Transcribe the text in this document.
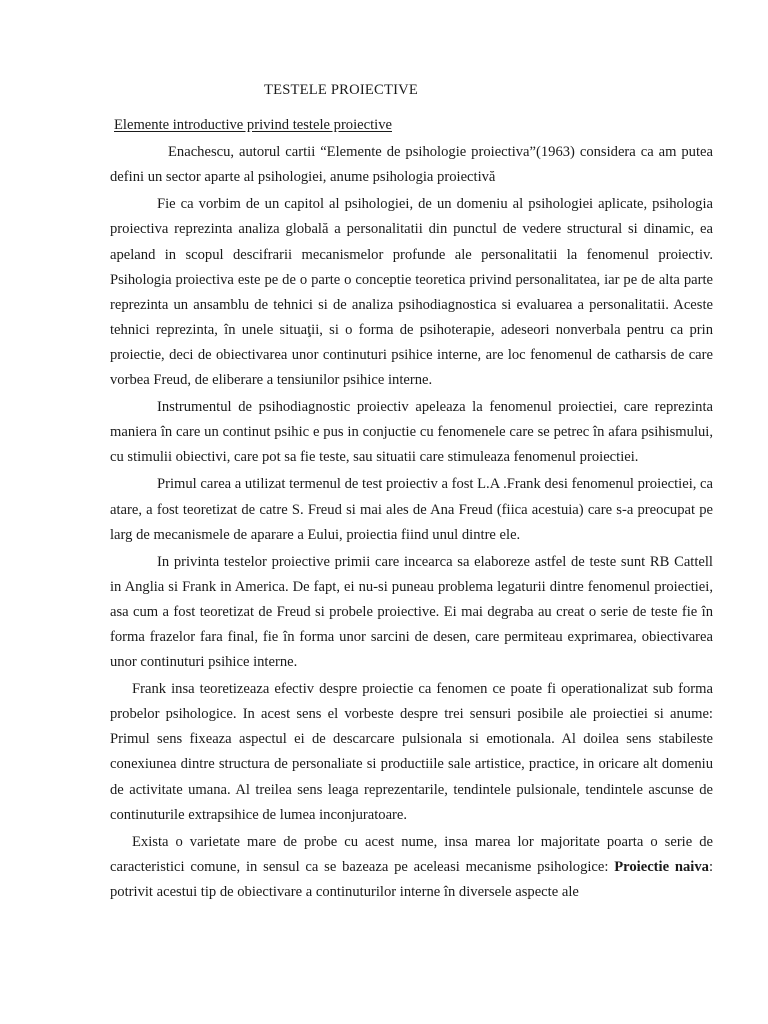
TESTELE PROIECTIVE
Elemente introductive privind testele proiective

Enachescu, autorul cartii “Elemente de psihologie proiectiva”(1963) considera ca am putea defini un sector aparte al psihologiei, anume psihologia proiectivă

Fie ca vorbim de un capitol al psihologiei, de un domeniu al psihologiei aplicate, psihologia proiectiva reprezinta analiza globală a personalitatii din punctul de vedere structural si dinamic, ea apeland in scopul descifrarii mecanismelor profunde ale personalitatii la fenomenul proiectiv. Psihologia proiectiva este pe de o parte o conceptie teoretica privind personalitatea, iar pe de alta parte reprezinta un ansamblu de tehnici si de analiza psihodiagnostica si evaluarea a personalitatii. Aceste tehnici reprezinta, în unele situaţii, si o forma de psihoterapie, adeseori nonverbala pentru ca prin proiectie, deci de obiectivarea unor continuturi psihice interne, are loc fenomenul de catharsis de care vorbea Freud, de eliberare a tensiunilor psihice interne.

Instrumentul de psihodiagnostic proiectiv apeleaza la fenomenul proiectiei, care reprezinta maniera în care un continut psihic e pus in conjuctie cu fenomenele care se petrec în afara psihismului, cu stimulii obiectivi, care pot sa fie teste, sau situatii care stimuleaza fenomenul proiectiei.

Primul carea a utilizat termenul de test proiectiv a fost L.A .Frank desi fenomenul proiectiei, ca atare, a fost teoretizat de catre S. Freud si mai ales de Ana Freud (fiica acestuia) care s-a preocupat pe larg de mecanismele de aparare a Eului, proiectia fiind unul dintre ele.

In privinta testelor proiective primii care incearca sa elaboreze astfel de teste sunt RB Cattell in Anglia si Frank in America. De fapt, ei nu-si puneau problema legaturii dintre fenomenul proiectiei, asa cum a fost teoretizat de Freud si probele proiective. Ei mai degraba au creat o serie de teste fie în forma frazelor fara final, fie în forma unor sarcini de desen, care permiteau exprimarea, obiectivarea unor continuturi psihice interne.

Frank insa teoretizeaza efectiv despre proiectie ca fenomen ce poate fi operationalizat sub forma probelor psihologice. In acest sens el vorbeste despre trei sensuri posibile ale proiectiei si anume: Primul sens fixeaza aspectul ei de descarcare pulsionala si emotionala. Al doilea sens stabileste conexiunea dintre structura de personaliate si productiile sale artistice, practice, in oricare alt domeniu de activitate umana. Al treilea sens leaga reprezentarile, tendintele pulsionale, tendintele ascunse de continuturile extrapsihice de lumea inconjuratoare.

Exista o varietate mare de probe cu acest nume, insa marea lor majoritate poarta o serie de caracteristici comune, in sensul ca se bazeaza pe aceleasi mecanisme psihologice: Proiectie naiva: potrivit acestui tip de obiectivare a continuturilor interne în diversele aspecte ale
